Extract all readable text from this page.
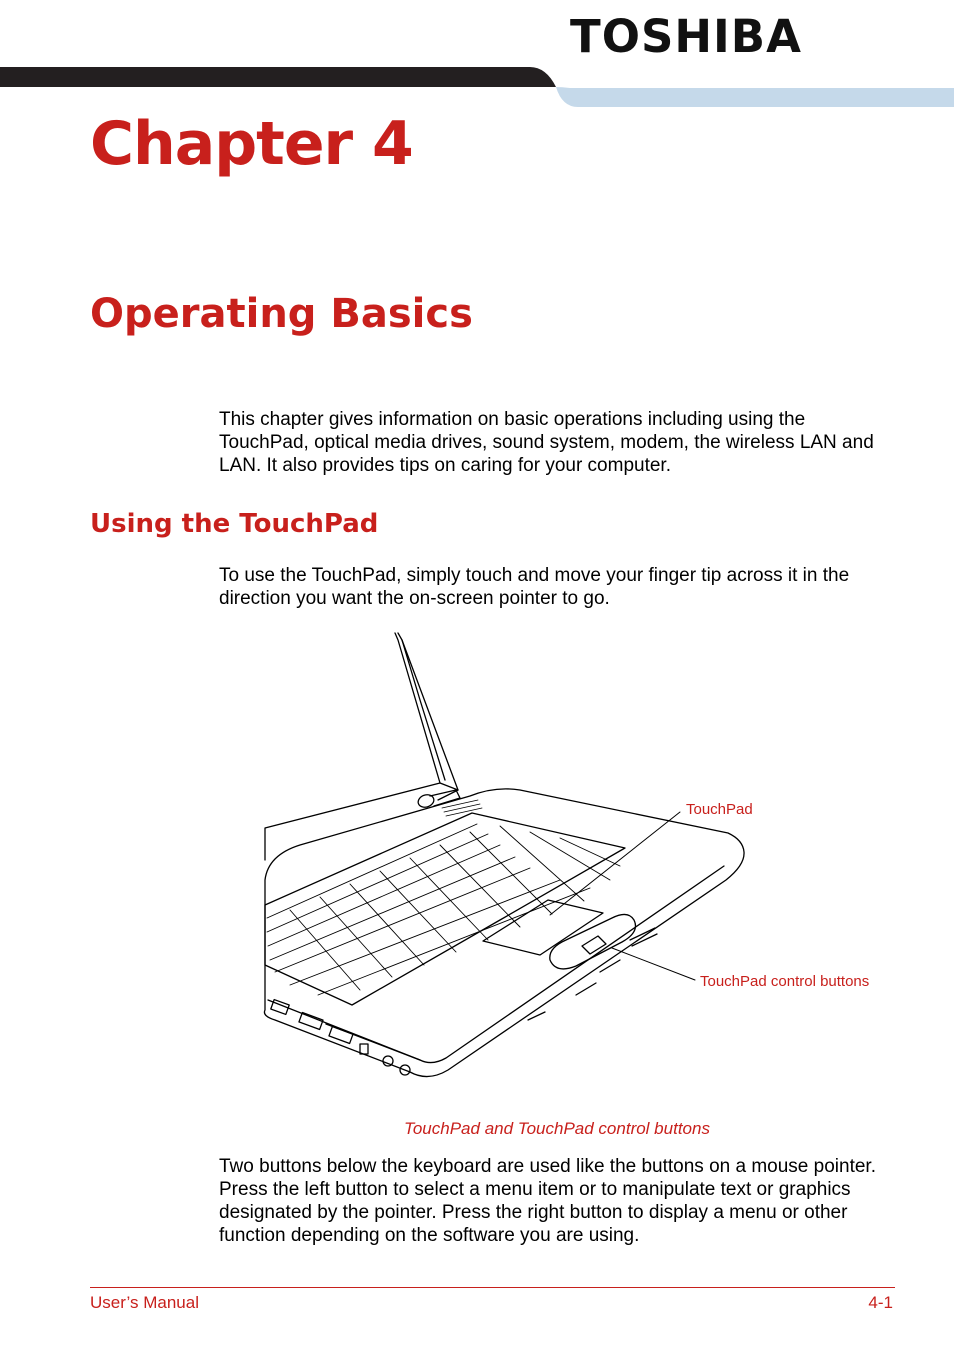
TOSHIBA
Chapter 4
Operating Basics

This chapter gives information on basic operations including using the TouchPad, optical media drives, sound system, modem, the wireless LAN and LAN. It also provides tips on caring for your computer.

Using the TouchPad

To use the TouchPad, simply touch and move your finger tip across it in the direction you want the on-screen pointer to go.

TouchPad
TouchPad control buttons

TouchPad and TouchPad control buttons

Two buttons below the keyboard are used like the buttons on a mouse pointer. Press the left button to select a menu item or to manipulate text or graphics designated by the pointer. Press the right button to display a menu or other function depending on the software you are using.

User’s Manual	4-1
